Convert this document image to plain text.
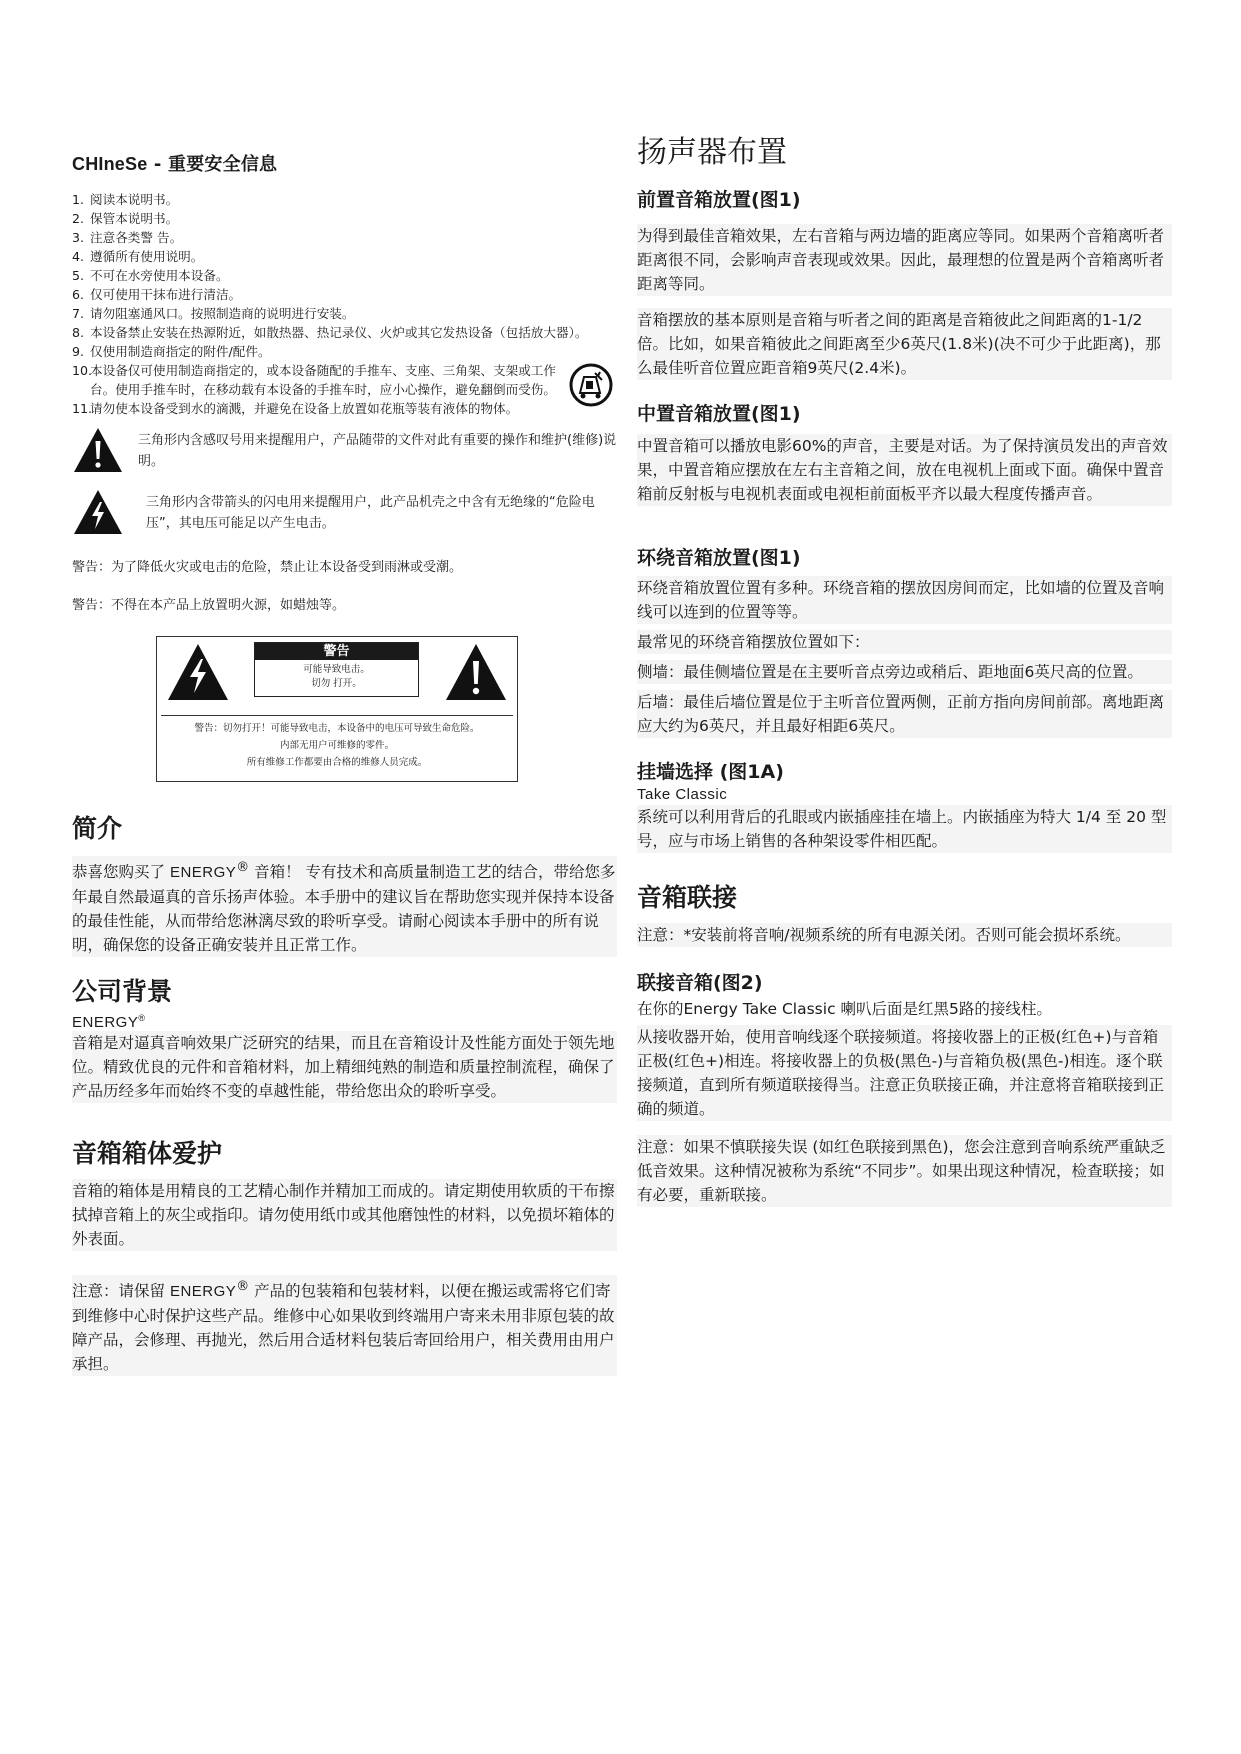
CHIneSe - 重要安全信息
1. 阅读本说明书。
2. 保管本说明书。
3. 注意各类警 告。
4. 遵循所有使用说明。
5. 不可在水旁使用本设备。
6. 仅可使用干抹布进行清洁。
7. 请勿阻塞通风口。按照制造商的说明进行安装。
8. 本设备禁止安装在热源附近，如散热器、热记录仪、火炉或其它发热设备（包括放大器）。
9. 仅使用制造商指定的附件/配件。
10.
本设备仅可使用制造商指定的，或本设备随配的手推车、支座、三角架、支架或工作台。使用手推车时，在移动载有本设备的手推车时，应小心操作，避免翻倒而受伤。
11.
请勿使本设备受到水的滴溅，并避免在设备上放置如花瓶等装有液体的物体。

三角形内含感叹号用来提醒用户，产品随带的文件对此有重要的操作和维护(维修)说明。

三角形内含带箭头的闪电用来提醒用户，此产品机壳之中含有无绝缘的“危险电压”，其电压可能足以产生电击。

警告：为了降低火灾或电击的危险，禁止让本设备受到雨淋或受潮。

警告：不得在本产品上放置明火源，如蜡烛等。

警告
可能导致电击。
切勿 打开。
警告：切勿打开！可能导致电击，本设备中的电压可导致生命危险。
内部无用户可维修的零件。
所有维修工作都要由合格的维修人员完成。
简介

恭喜您购买了 ENERGY® 音箱！ 专有技术和高质量制造工艺的结合，带给您多年最自然最逼真的音乐扬声体验。本手册中的建议旨在帮助您实现并保持本设备的最佳性能，从而带给您淋漓尽致的聆听享受。请耐心阅读本手册中的所有说明，确保您的设备正确安装并且正常工作。

公司背景
ENERGY®

音箱是对逼真音响效果广泛研究的结果，而且在音箱设计及性能方面处于领先地位。精致优良的元件和音箱材料，加上精细纯熟的制造和质量控制流程，确保了产品历经多年而始终不变的卓越性能，带给您出众的聆听享受。

音箱箱体爱护

音箱的箱体是用精良的工艺精心制作并精加工而成的。请定期使用软质的干布擦拭掉音箱上的灰尘或指印。请勿使用纸巾或其他磨蚀性的材料，以免损坏箱体的外表面。

注意：请保留 ENERGY® 产品的包装箱和包装材料，以便在搬运或需将它们寄到维修中心时保护这些产品。维修中心如果收到终端用户寄来未用非原包装的故障产品，会修理、再抛光，然后用合适材料包装后寄回给用户，相关费用由用户承担。

扬声器布置
前置音箱放置(图1)

为得到最佳音箱效果，左右音箱与两边墙的距离应等同。如果两个音箱离听者距离很不同，会影响声音表现或效果。因此，最理想的位置是两个音箱离听者距离等同。

音箱摆放的基本原则是音箱与听者之间的距离是音箱彼此之间距离的1-1/2倍。比如，如果音箱彼此之间距离至少6英尺(1.8米)(决不可少于此距离)，那么最佳听音位置应距音箱9英尺(2.4米)。

中置音箱放置(图1)

中置音箱可以播放电影60%的声音，主要是对话。为了保持演员发出的声音效果，中置音箱应摆放在左右主音箱之间，放在电视机上面或下面。确保中置音箱前反射板与电视机表面或电视柜前面板平齐以最大程度传播声音。

环绕音箱放置(图1)

环绕音箱放置位置有多种。环绕音箱的摆放因房间而定，比如墙的位置及音响线可以连到的位置等等。

最常见的环绕音箱摆放位置如下：

侧墙：最佳侧墙位置是在主要听音点旁边或稍后、距地面6英尺高的位置。

后墙：最佳后墙位置是位于主听音位置两侧，正前方指向房间前部。离地距离应大约为6英尺，并且最好相距6英尺。

挂墙选择 (图1A)
Take Classic

系统可以利用背后的孔眼或内嵌插座挂在墙上。内嵌插座为特大 1/4 至 20 型号，应与市场上销售的各种架设零件相匹配。

音箱联接

注意：*安装前将音响/视频系统的所有电源关闭。否则可能会损坏系统。

联接音箱(图2)

在你的Energy Take Classic 喇叭后面是红黑5路的接线柱。

从接收器开始，使用音响线逐个联接频道。将接收器上的正极(红色+)与音箱正极(红色+)相连。将接收器上的负极(黑色-)与音箱负极(黑色-)相连。逐个联接频道，直到所有频道联接得当。注意正负联接正确，并注意将音箱联接到正确的频道。

注意：如果不慎联接失误 (如红色联接到黑色)，您会注意到音响系统严重缺乏低音效果。这种情况被称为系统“不同步”。如果出现这种情况，检查联接；如有必要，重新联接。
